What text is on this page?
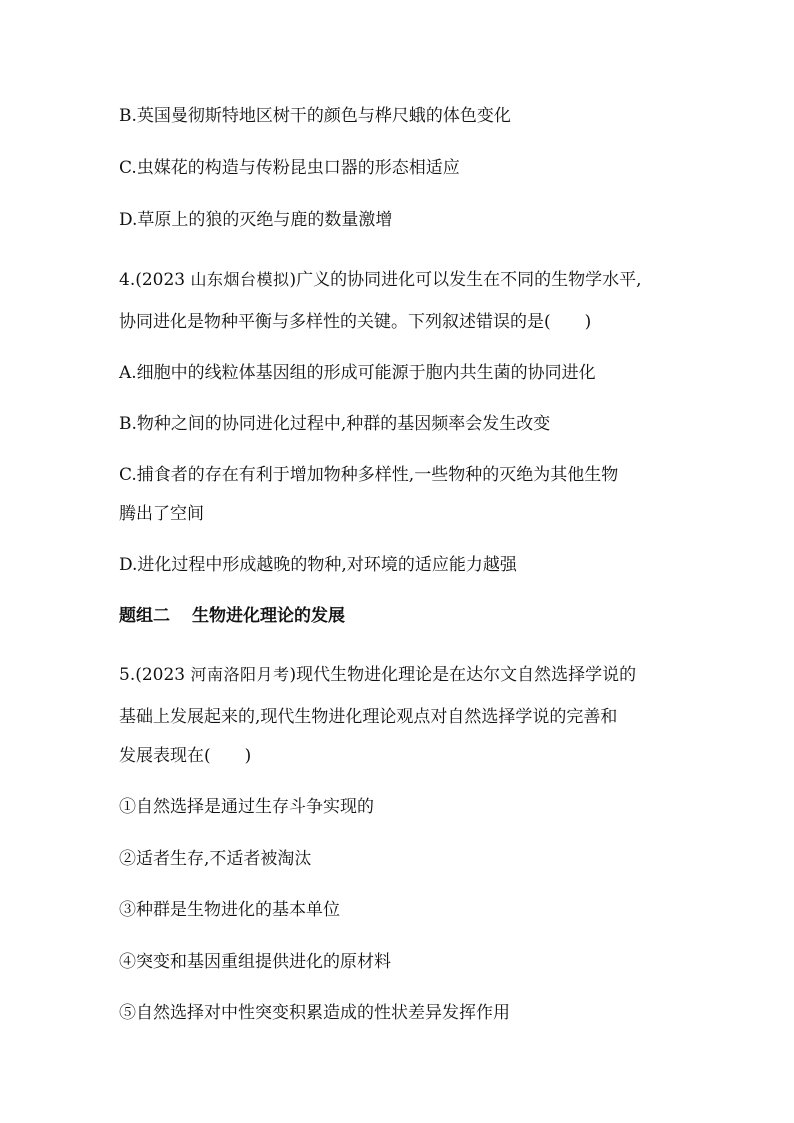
B.英国曼彻斯特地区树干的颜色与桦尺蛾的体色变化
C.虫媒花的构造与传粉昆虫口器的形态相适应
D.草原上的狼的灭绝与鹿的数量激增
4.(2023 山东烟台模拟)广义的协同进化可以发生在不同的生物学水平,
协同进化是物种平衡与多样性的关键。下列叙述错误的是( )
A.细胞中的线粒体基因组的形成可能源于胞内共生菌的协同进化
B.物种之间的协同进化过程中,种群的基因频率会发生改变
C.捕食者的存在有利于增加物种多样性,一些物种的灭绝为其他生物
腾出了空间
D.进化过程中形成越晚的物种,对环境的适应能力越强
题组二 生物进化理论的发展
5.(2023 河南洛阳月考)现代生物进化理论是在达尔文自然选择学说的
基础上发展起来的,现代生物进化理论观点对自然选择学说的完善和
发展表现在( )
①自然选择是通过生存斗争实现的
②适者生存,不适者被淘汰
③种群是生物进化的基本单位
④突变和基因重组提供进化的原材料
⑤自然选择对中性突变积累造成的性状差异发挥作用
